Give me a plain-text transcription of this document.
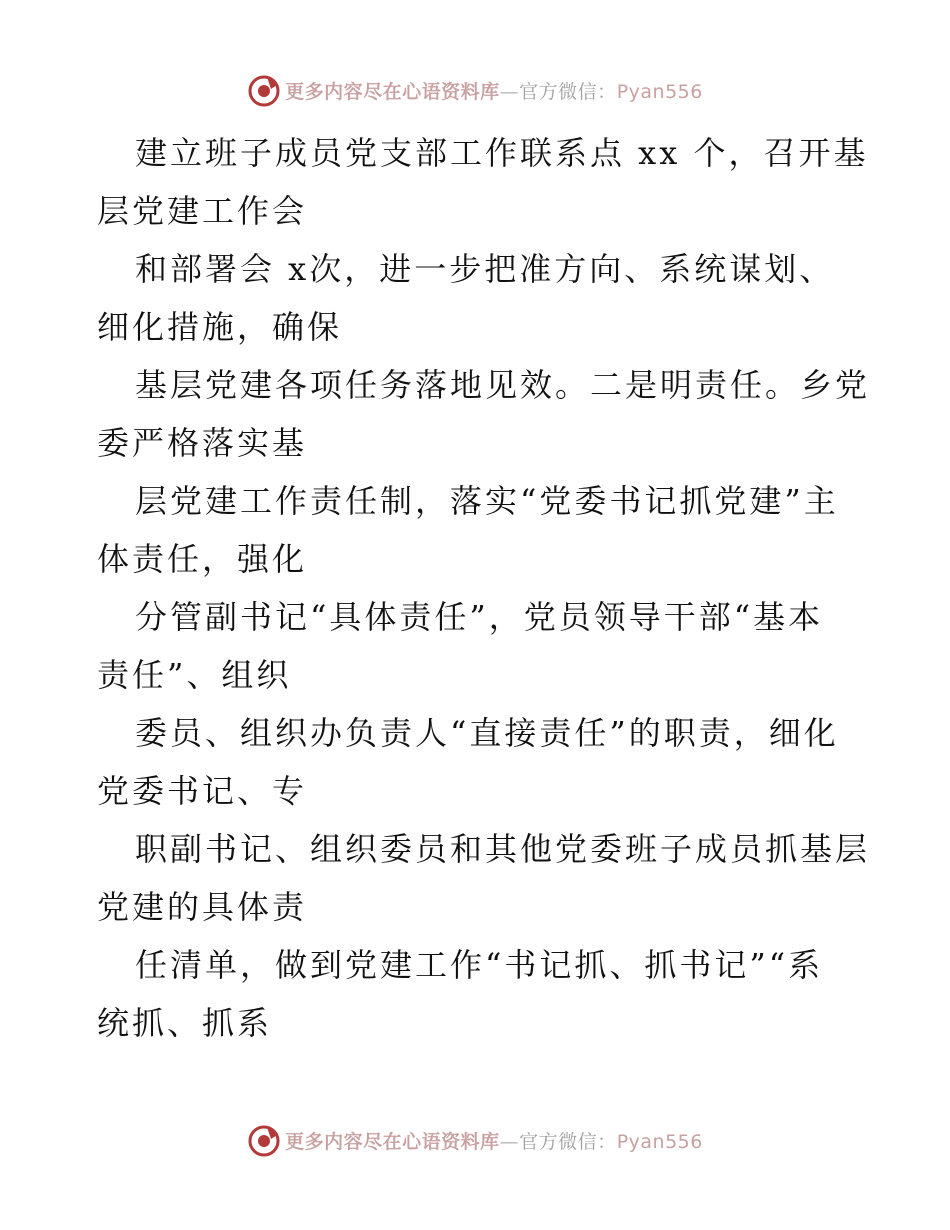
更多内容尽在心语资料库—官方微信：Pyan556

建立班子成员党支部工作联系点 xx 个，召开基
层党建工作会

和部署会 x次，进一步把准方向、系统谋划、
细化措施，确保

基层党建各项任务落地见效。二是明责任。乡党
委严格落实基

层党建工作责任制，落实“党委书记抓党建”主
体责任，强化

分管副书记“具体责任”，党员领导干部“基本
责任”、组织

委员、组织办负责人“直接责任”的职责，细化
党委书记、专

职副书记、组织委员和其他党委班子成员抓基层
党建的具体责

任清单，做到党建工作“书记抓、抓书记”“系
统抓、抓系

更多内容尽在心语资料库—官方微信：Pyan556
